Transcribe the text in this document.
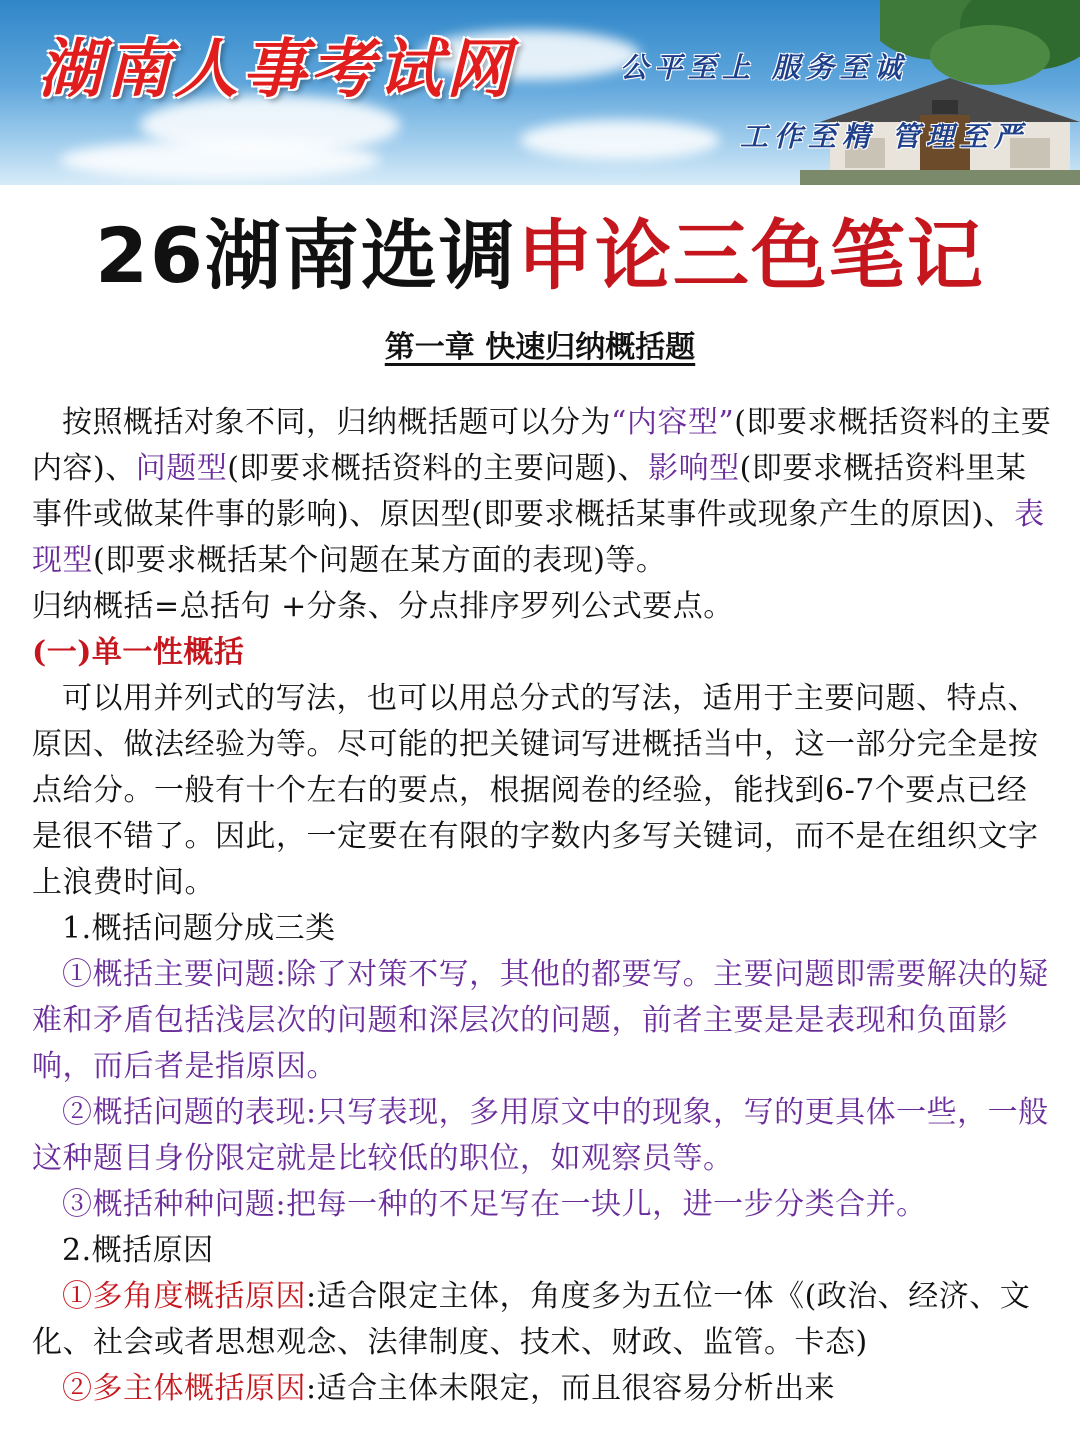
湖南人事考试网	公平至上 服务至诚
工作至精 管理至严
26湖南选调申论三色笔记
第一章 快速归纳概括题

按照概括对象不同，归纳概括题可以分为“内容型”(即要求概括资料的主要内容)、问题型(即要求概括资料的主要问题)、影响型(即要求概括资料里某事件或做某件事的影响)、原因型(即要求概括某事件或现象产生的原因)、表现型(即要求概括某个问题在某方面的表现)等。

归纳概括=总括句 +分条、分点排序罗列公式要点。

(一)单一性概括

可以用并列式的写法，也可以用总分式的写法，适用于主要问题、特点、原因、做法经验为等。尽可能的把关键词写进概括当中，这一部分完全是按点给分。一般有十个左右的要点，根据阅卷的经验，能找到6-7个要点已经是很不错了。因此，一定要在有限的字数内多写关键词，而不是在组织文字上浪费时间。

1.概括问题分成三类

①概括主要问题:除了对策不写，其他的都要写。主要问题即需要解决的疑难和矛盾包括浅层次的问题和深层次的问题，前者主要是是表现和负面影响，而后者是指原因。

②概括问题的表现:只写表现，多用原文中的现象，写的更具体一些，一般这种题目身份限定就是比较低的职位，如观察员等。

③概括种种问题:把每一种的不足写在一块儿，进一步分类合并。

2.概括原因

①多角度概括原因:适合限定主体，角度多为五位一体《(政治、经济、文化、社会或者思想观念、法律制度、技术、财政、监管。卡态)

②多主体概括原因:适合主体未限定，而且很容易分析出来
